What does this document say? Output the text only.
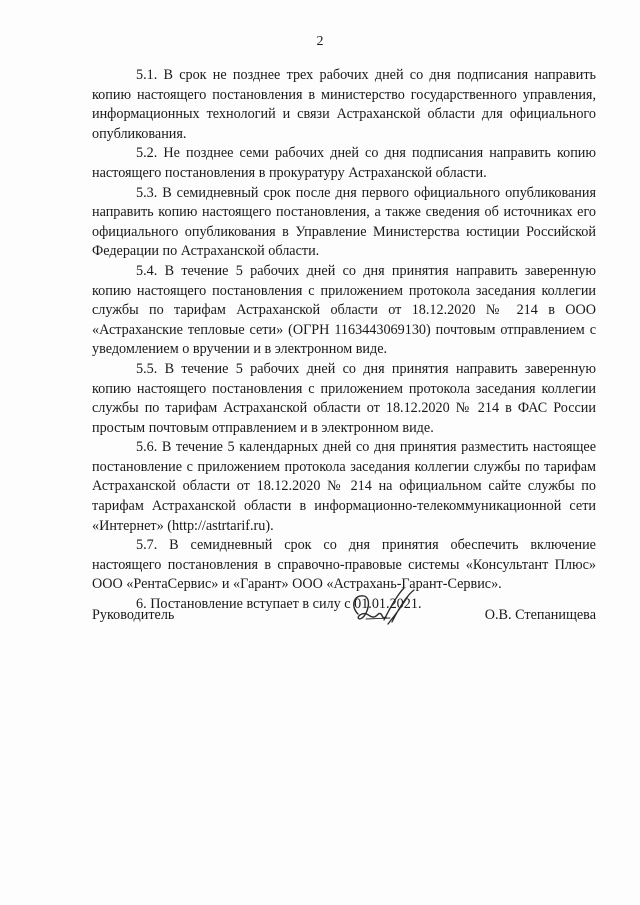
2

5.1. В срок не позднее трех рабочих дней со дня подписания направить копию настоящего постановления в министерство государственного управления, информационных технологий и связи Астраханской области для официального опубликования.

5.2. Не позднее семи рабочих дней со дня подписания направить копию настоящего постановления в прокуратуру Астраханской области.

5.3. В семидневный срок после дня первого официального опубликования направить копию настоящего постановления, а также сведения об источниках его официального опубликования в Управление Министерства юстиции Российской Федерации по Астраханской области.

5.4. В течение 5 рабочих дней со дня принятия направить заверенную копию настоящего постановления с приложением протокола заседания коллегии службы по тарифам Астраханской области от 18.12.2020 № 214 в ООО «Астраханские тепловые сети» (ОГРН 1163443069130) почтовым отправлением с уведомлением о вручении и в электронном виде.

5.5. В течение 5 рабочих дней со дня принятия направить заверенную копию настоящего постановления с приложением протокола заседания коллегии службы по тарифам Астраханской области от 18.12.2020 № 214 в ФАС России простым почтовым отправлением и в электронном виде.

5.6. В течение 5 календарных дней со дня принятия разместить настоящее постановление с приложением протокола заседания коллегии службы по тарифам Астраханской области от 18.12.2020 № 214 на официальном сайте службы по тарифам Астраханской области в информационно-телекоммуникационной сети «Интернет» (http://astrtarif.ru).

5.7. В семидневный срок со дня принятия обеспечить включение настоящего постановления в справочно-правовые системы «Консультант Плюс» ООО «РентаСервис» и «Гарант» ООО «Астрахань-Гарант-Сервис».

6. Постановление вступает в силу с 01.01.2021.

Руководитель	О.В. Степанищева
